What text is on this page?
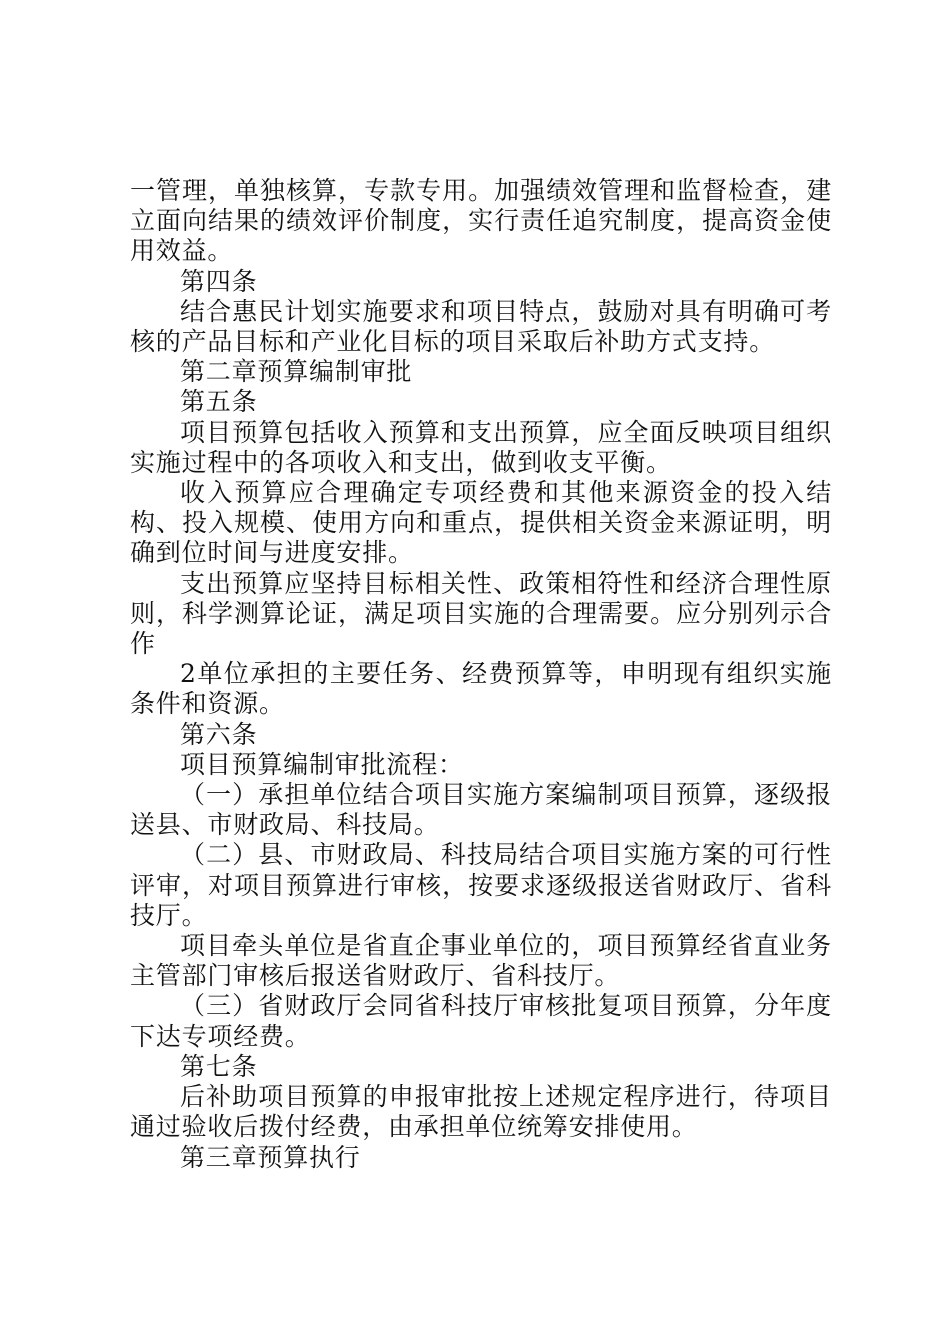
一管理，单独核算，专款专用。加强绩效管理和监督检查，建立面向结果的绩效评价制度，实行责任追究制度，提高资金使用效益。

第四条

结合惠民计划实施要求和项目特点，鼓励对具有明确可考核的产品目标和产业化目标的项目采取后补助方式支持。

第二章预算编制审批

第五条

项目预算包括收入预算和支出预算，应全面反映项目组织实施过程中的各项收入和支出，做到收支平衡。

收入预算应合理确定专项经费和其他来源资金的投入结构、投入规模、使用方向和重点，提供相关资金来源证明，明确到位时间与进度安排。

支出预算应坚持目标相关性、政策相符性和经济合理性原则，科学测算论证，满足项目实施的合理需要。应分别列示合作

2单位承担的主要任务、经费预算等，申明现有组织实施条件和资源。

第六条

项目预算编制审批流程：

（一）承担单位结合项目实施方案编制项目预算，逐级报送县、市财政局、科技局。

（二）县、市财政局、科技局结合项目实施方案的可行性评审，对项目预算进行审核，按要求逐级报送省财政厅、省科技厅。

项目牵头单位是省直企事业单位的，项目预算经省直业务主管部门审核后报送省财政厅、省科技厅。

（三）省财政厅会同省科技厅审核批复项目预算，分年度下达专项经费。

第七条

后补助项目预算的申报审批按上述规定程序进行，待项目通过验收后拨付经费，由承担单位统筹安排使用。

第三章预算执行
